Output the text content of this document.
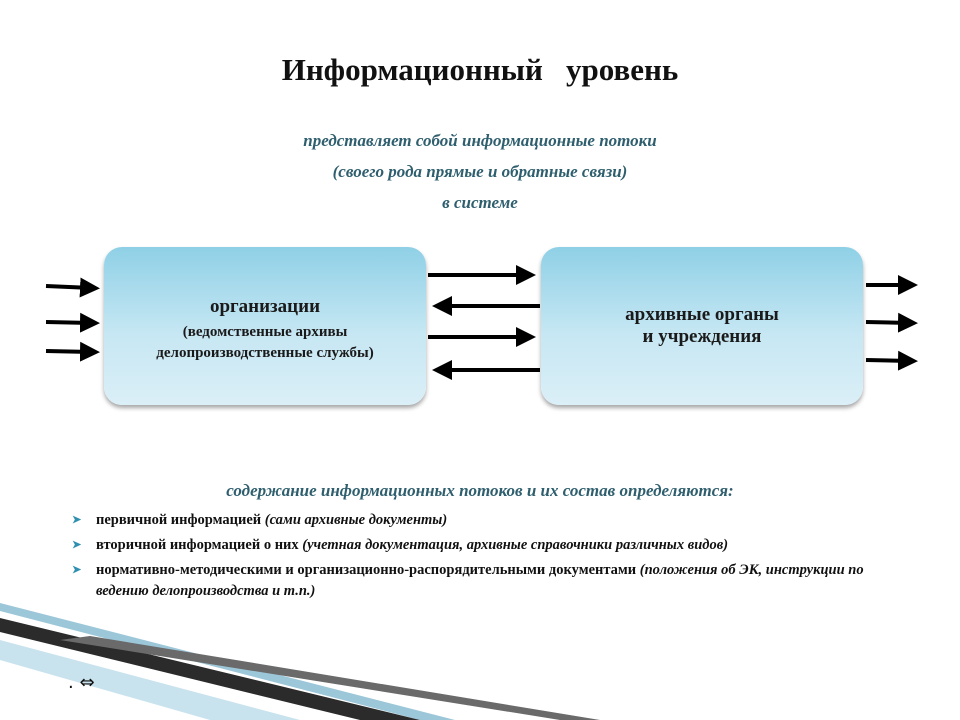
Информационный   уровень
представляет собой информационные потоки
(своего рода прямые и обратные связи)
в системе
организации
(ведомственные архивы
делопроизводственные службы)
архивные органы
и учреждения
содержание информационных потоков и их состав определяются:
➤ первичной информацией (сами архивные документы)
➤ вторичной информацией о них (учетная документация, архивные справочники различных видов)
➤ нормативно-методическими и организационно-распорядительными документами (положения об ЭК, инструкции по ведению делопроизводства и т.п.)
. ⇔
